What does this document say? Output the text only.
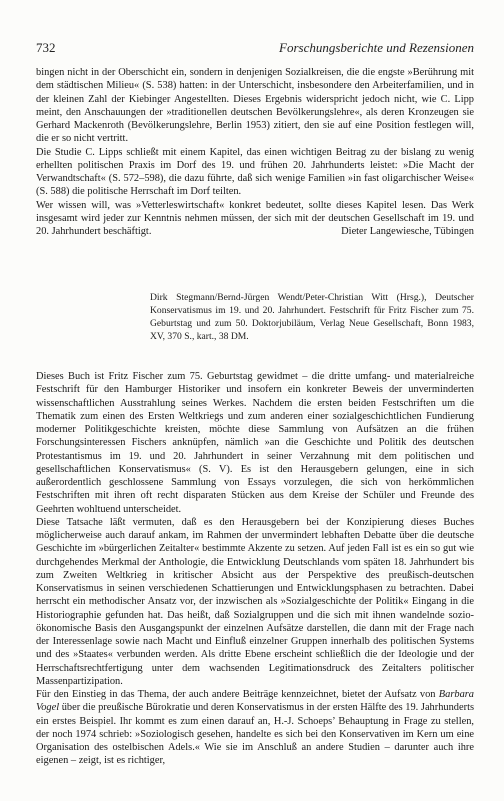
732	Forschungsberichte und Rezensionen

bingen nicht in der Oberschicht ein, sondern in denjenigen Sozialkreisen, die die engste »Berührung mit dem städtischen Milieu« (S. 538) hatten: in der Unterschicht, insbesondere den Arbeiterfamilien, und in der kleinen Zahl der Kiebinger Angestellten. Dieses Ergebnis widerspricht jedoch nicht, wie C. Lipp meint, den Anschauungen der »traditionellen deutschen Bevölkerungslehre«, als deren Kronzeugen sie Gerhard Mackenroth (Bevölkerungslehre, Berlin 1953) zitiert, den sie auf eine Position festlegen will, die er so nicht vertritt.

Die Studie C. Lipps schließt mit einem Kapitel, das einen wichtigen Beitrag zu der bislang zu wenig erhellten politischen Praxis im Dorf des 19. und frühen 20. Jahrhunderts leistet: »Die Macht der Verwandtschaft« (S. 572–598), die dazu führte, daß sich wenige Familien »in fast oligarchischer Weise« (S. 588) die politische Herrschaft im Dorf teilten.

Wer wissen will, was »Vetterleswirtschaft« konkret bedeutet, sollte dieses Kapitel lesen. Das Werk insgesamt wird jeder zur Kenntnis nehmen müssen, der sich mit der deutschen Gesellschaft im 19. und 20. Jahrhundert beschäftigt.	Dieter Langewiesche, Tübingen

Dirk Stegmann/Bernd-Jürgen Wendt/Peter-Christian Witt (Hrsg.), Deutscher Konservatismus im 19. und 20. Jahrhundert. Festschrift für Fritz Fischer zum 75. Geburtstag und zum 50. Doktorjubiläum, Verlag Neue Gesellschaft, Bonn 1983, XV, 370 S., kart., 38 DM.

Dieses Buch ist Fritz Fischer zum 75. Geburtstag gewidmet – die dritte umfang- und materialreiche Festschrift für den Hamburger Historiker und insofern ein konkreter Beweis der unverminderten wissenschaftlichen Ausstrahlung seines Werkes. Nachdem die ersten beiden Festschriften um die Thematik zum einen des Ersten Weltkriegs und zum anderen einer sozialgeschichtlichen Fundierung moderner Politikgeschichte kreisten, möchte diese Sammlung von Aufsätzen an die frühen Forschungsinteressen Fischers anknüpfen, nämlich »an die Geschichte und Politik des deutschen Protestantismus im 19. und 20. Jahrhundert in seiner Verzahnung mit dem politischen und gesellschaftlichen Konservatismus« (S. V). Es ist den Herausgebern gelungen, eine in sich außerordentlich geschlossene Sammlung von Essays vorzulegen, die sich von herkömmlichen Festschriften mit ihren oft recht disparaten Stücken aus dem Kreise der Schüler und Freunde des Geehrten wohltuend unterscheidet.

Diese Tatsache läßt vermuten, daß es den Herausgebern bei der Konzipierung dieses Buches möglicherweise auch darauf ankam, im Rahmen der unvermindert lebhaften Debatte über die deutsche Geschichte im »bürgerlichen Zeitalter« bestimmte Akzente zu setzen. Auf jeden Fall ist es ein so gut wie durchgehendes Merkmal der Anthologie, die Entwicklung Deutschlands vom späten 18. Jahrhundert bis zum Zweiten Weltkrieg in kritischer Absicht aus der Perspektive des preußisch-deutschen Konservatismus in seinen verschiedenen Schattierungen und Entwicklungsphasen zu betrachten. Dabei herrscht ein methodischer Ansatz vor, der inzwischen als »Sozialgeschichte der Politik« Eingang in die Historiographie gefunden hat. Das heißt, daß Sozialgruppen und die sich mit ihnen wandelnde sozio-ökonomische Basis den Ausgangspunkt der einzelnen Aufsätze darstellen, die dann mit der Frage nach der Interessenlage sowie nach Macht und Einfluß einzelner Gruppen innerhalb des politischen Systems und des »Staates« verbunden werden. Als dritte Ebene erscheint schließlich die der Ideologie und der Herrschaftsrechtfertigung unter dem wachsenden Legitimationsdruck des Zeitalters politischer Massenpartizipation.

Für den Einstieg in das Thema, der auch andere Beiträge kennzeichnet, bietet der Aufsatz von Barbara Vogel über die preußische Bürokratie und deren Konservatismus in der ersten Hälfte des 19. Jahrhunderts ein erstes Beispiel. Ihr kommt es zum einen darauf an, H.-J. Schoeps’ Behauptung in Frage zu stellen, der noch 1974 schrieb: »Soziologisch gesehen, handelte es sich bei den Konservativen im Kern um eine Organisation des ostelbischen Adels.« Wie sie im Anschluß an andere Studien – darunter auch ihre eigenen – zeigt, ist es richtiger,
